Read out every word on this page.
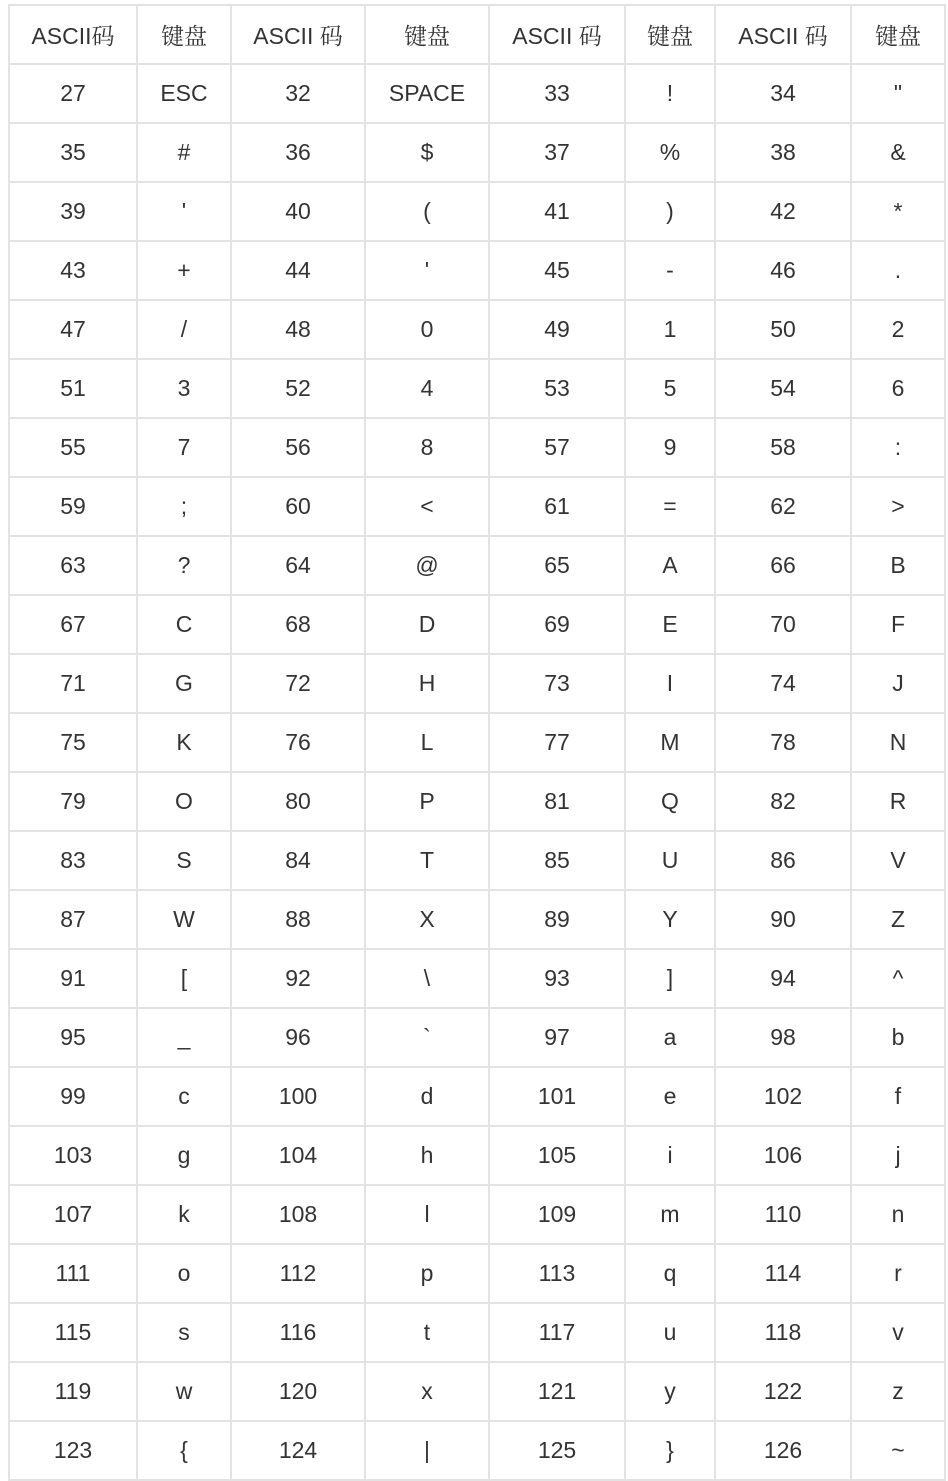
ASCII码	键盘	ASCII 码	键盘	ASCII 码	键盘	ASCII 码	键盘
27	ESC	32	SPACE	33	!	34	"
35	#	36	$	37	%	38	&
39	'	40	(	41	)	42	*
43	+	44	'	45	-	46	.
47	/	48	0	49	1	50	2
51	3	52	4	53	5	54	6
55	7	56	8	57	9	58	:
59	;	60	<	61	=	62	>
63	?	64	@	65	A	66	B
67	C	68	D	69	E	70	F
71	G	72	H	73	I	74	J
75	K	76	L	77	M	78	N
79	O	80	P	81	Q	82	R
83	S	84	T	85	U	86	V
87	W	88	X	89	Y	90	Z
91	[	92	\	93	]	94	^
95	_	96	`	97	a	98	b
99	c	100	d	101	e	102	f
103	g	104	h	105	i	106	j
107	k	108	l	109	m	110	n
111	o	112	p	113	q	114	r
115	s	116	t	117	u	118	v
119	w	120	x	121	y	122	z
123	{	124	|	125	}	126	~
